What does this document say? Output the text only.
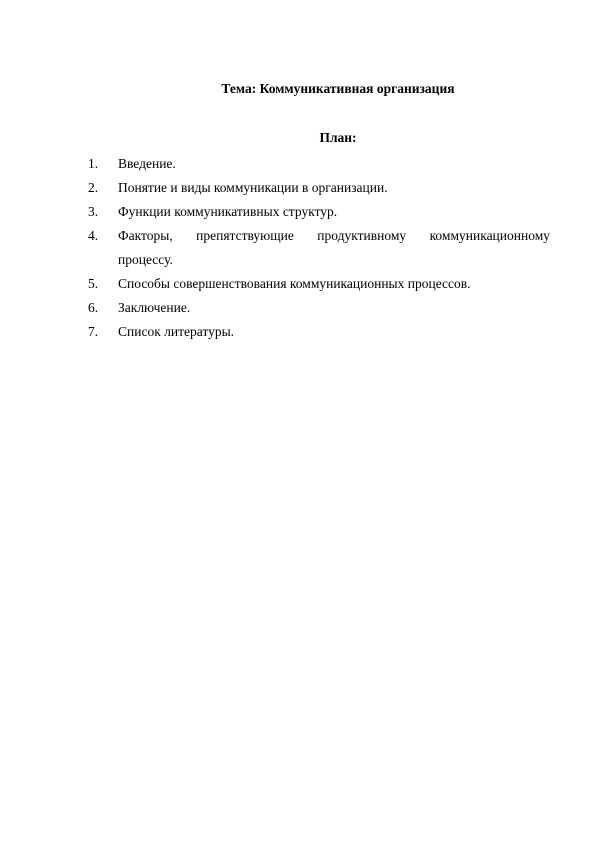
Тема: Коммуникативная организация
План:
1. Введение.
2. Понятие и виды коммуникации в организации.
3. Функции коммуникативных структур.
4. Факторы, препятствующие продуктивному коммуникационному
процессу.
5. Способы совершенствования коммуникационных процессов.
6. Заключение.
7. Список литературы.
